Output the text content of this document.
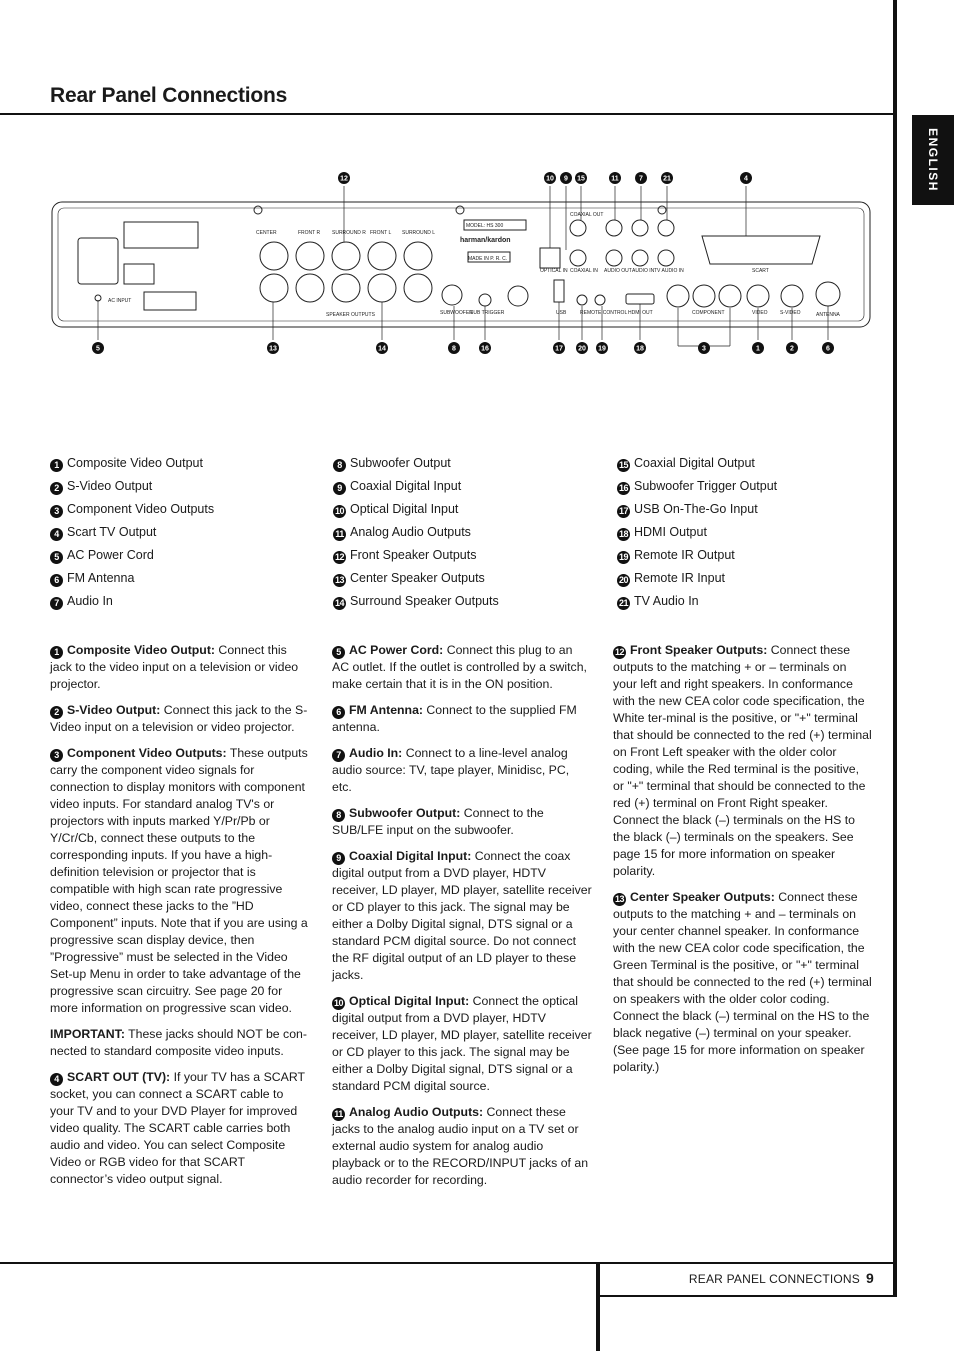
Rear Panel Connections
ENGLISH
CENTER	FRONT R SURROUND R FRONT L SURROUND L
SPEAKER OUTPUTS	SUBWOOFER
SUB TRIGGER
COAXIAL OUT
OPTICAL IN COAXIAL IN AUDIO OUT AUDIO IN TV AUDIO IN
USB	REMOTE CONTROL HDMI OUT	COMPONENT	VIDEO S-VIDEO	ANTENNA
SCART
AC INPUT
MADE IN P. R. C.
MODEL: HS 300
harman/kardon
12	10 9 15	11	7	21	4
5	13	14	8	16	17 20 19	18	3	1	2	6
1 Composite Video Output
2 S-Video Output
3 Component Video Outputs
4 Scart TV Output
5 AC Power Cord
6 FM Antenna
7 Audio In
8 Subwoofer Output
9 Coaxial Digital Input
10 Optical Digital Input
11 Analog Audio Outputs
12 Front Speaker Outputs
13 Center Speaker Outputs
14 Surround Speaker Outputs
15 Coaxial Digital Output
16 Subwoofer Trigger Output
17 USB On-The-Go Input
18 HDMI Output
19 Remote IR Output
20 Remote IR Input
21 TV Audio In

1 Composite Video Output: Connect this jack to the video input on a television or video projector.

2 S-Video Output: Connect this jack to the S-Video input on a television or video projector.

3 Component Video Outputs: These outputs carry the component video signals for connection to display monitors with component video inputs. For standard analog TV's or projectors with inputs marked Y/Pr/Pb or Y/Cr/Cb, connect these outputs to the corresponding inputs. If you have a high-definition television or projector that is compatible with high scan rate progressive video, connect these jacks to the ”HD Component” inputs. Note that if you are using a progressive scan display device, then ”Progressive” must be selected in the Video Set-up Menu in order to take advantage of the progressive scan circuitry. See page 20 for more information on progressive scan video.

IMPORTANT: These jacks should NOT be con-nected to standard composite video inputs.

4 SCART OUT (TV): If your TV has a SCART socket, you can connect a SCART cable to your TV and to your DVD Player for improved video quality. The SCART cable carries both audio and video. You can select Composite Video or RGB video for that SCART connector’s video output signal.

5 AC Power Cord: Connect this plug to an AC outlet. If the outlet is controlled by a switch, make certain that it is in the ON position.

6 FM Antenna: Connect to the supplied FM antenna.

7 Audio In: Connect to a line-level analog audio source: TV, tape player, Minidisc, PC, etc.

8 Subwoofer Output: Connect to the SUB/LFE input on the subwoofer.

9 Coaxial Digital Input: Connect the coax digital output from a DVD player, HDTV receiver, LD player, MD player, satellite receiver or CD player to this jack. The signal may be either a Dolby Digital signal, DTS signal or a standard PCM digital source. Do not connect the RF digital output of an LD player to these jacks.

10 Optical Digital Input: Connect the optical digital output from a DVD player, HDTV receiver, LD player, MD player, satellite receiver or CD player to this jack. The signal may be either a Dolby Digital signal, DTS signal or a standard PCM digital source.

11 Analog Audio Outputs: Connect these jacks to the analog audio input on a TV set or external audio system for analog audio playback or to the RECORD/INPUT jacks of an audio recorder for recording.

12 Front Speaker Outputs: Connect these outputs to the matching + or – terminals on your left and right speakers. In conformance with the new CEA color code specification, the White ter-minal is the positive, or "+" terminal that should be connected to the red (+) terminal on Front Left speaker with the older color coding, while the Red terminal is the positive, or "+" terminal that should be connected to the red (+) terminal on Front Right speaker. Connect the black (–) terminals on the HS to the black (–) terminals on the speakers. See page 15 for more information on speaker polarity.

13 Center Speaker Outputs: Connect these outputs to the matching + and – terminals on your center channel speaker. In conformance with the new CEA color code specification, the Green Terminal is the positive, or "+" terminal that should be connected to the red (+) terminal on speakers with the older color coding. Connect the black (–) terminal on the HS to the black negative (–) terminal on your speaker. (See page 15 for more information on speaker polarity.)

REAR PANEL CONNECTIONS 9
